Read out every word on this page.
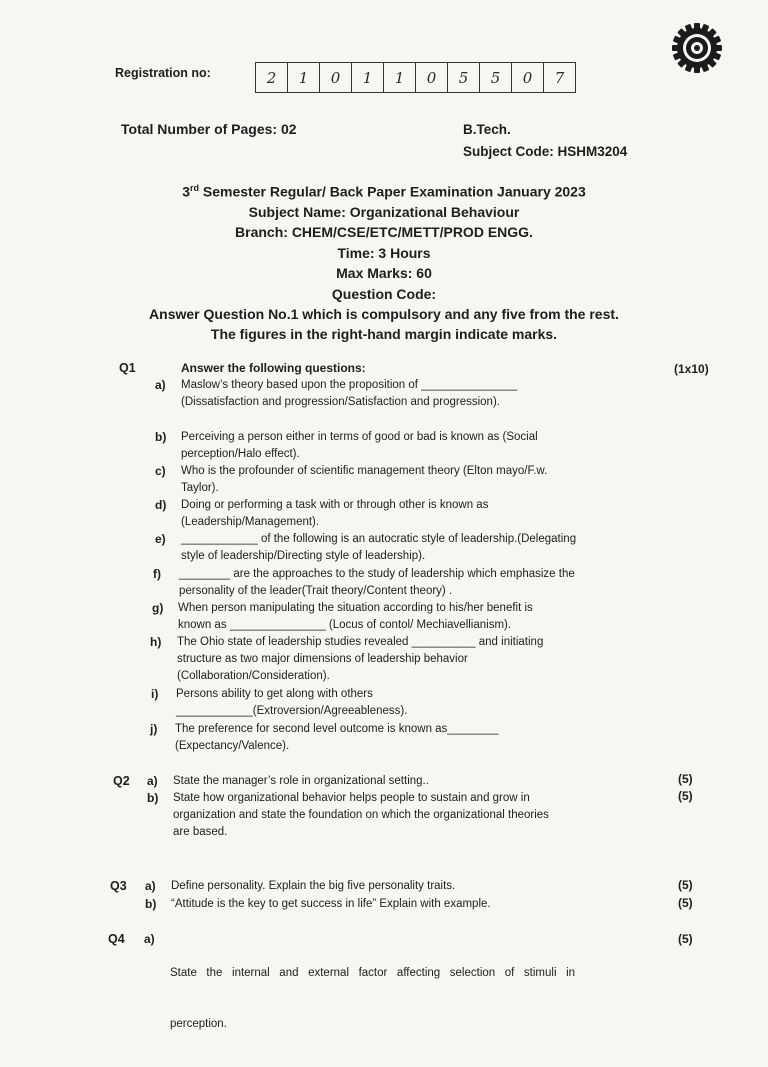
Registration no:	2	1	0	1	1	0	5	5	0	7
Total Number of Pages: 02	B.Tech.
Subject Code: HSHM3204
3rd Semester Regular/ Back Paper Examination January 2023
Subject Name: Organizational Behaviour
Branch: CHEM/CSE/ETC/METT/PROD ENGG.
Time: 3 Hours
Max Marks: 60
Question Code:
Answer Question No.1 which is compulsory and any five from the rest.
The figures in the right-hand margin indicate marks.
Q1	Answer the following questions:	(1x10)
a) Maslow’s theory based upon the proposition of _______________
(Dissatisfaction and progression/Satisfaction and progression).
b) Perceiving a person either in terms of good or bad is known as (Social
perception/Halo effect).
c) Who is the profounder of scientific management theory (Elton mayo/F.w.
Taylor).
d) Doing or performing a task with or through other is known as
(Leadership/Management).
e) ____________ of the following is an autocratic style of leadership.(Delegating
style of leadership/Directing style of leadership).
f) ________ are the approaches to the study of leadership which emphasize the
personality of the leader(Trait theory/Content theory) .
g) When person manipulating the situation according to his/her benefit is
known as _______________ (Locus of contol/ Mechiavellianism).
h) The Ohio state of leadership studies revealed __________ and initiating
structure as two major dimensions of leadership behavior
(Collaboration/Consideration).
i) Persons ability to get along with others
____________(Extroversion/Agreeableness).
j) The preference for second level outcome is known as________
(Expectancy/Valence).
Q2 a) State the manager’s role in organizational setting..	(5)
b) State how organizational behavior helps people to sustain and grow in
organization and state the foundation on which the organizational theories
are based.
(5)
Q3 a) Define personality. Explain the big five personality traits.	(5)
b) “Attitude is the key to get success in life” Explain with example.	(5)
Q4 a)

State   the   internal   and   external   factor   affecting   selection   of   stimuli   in

perception.

(5)
